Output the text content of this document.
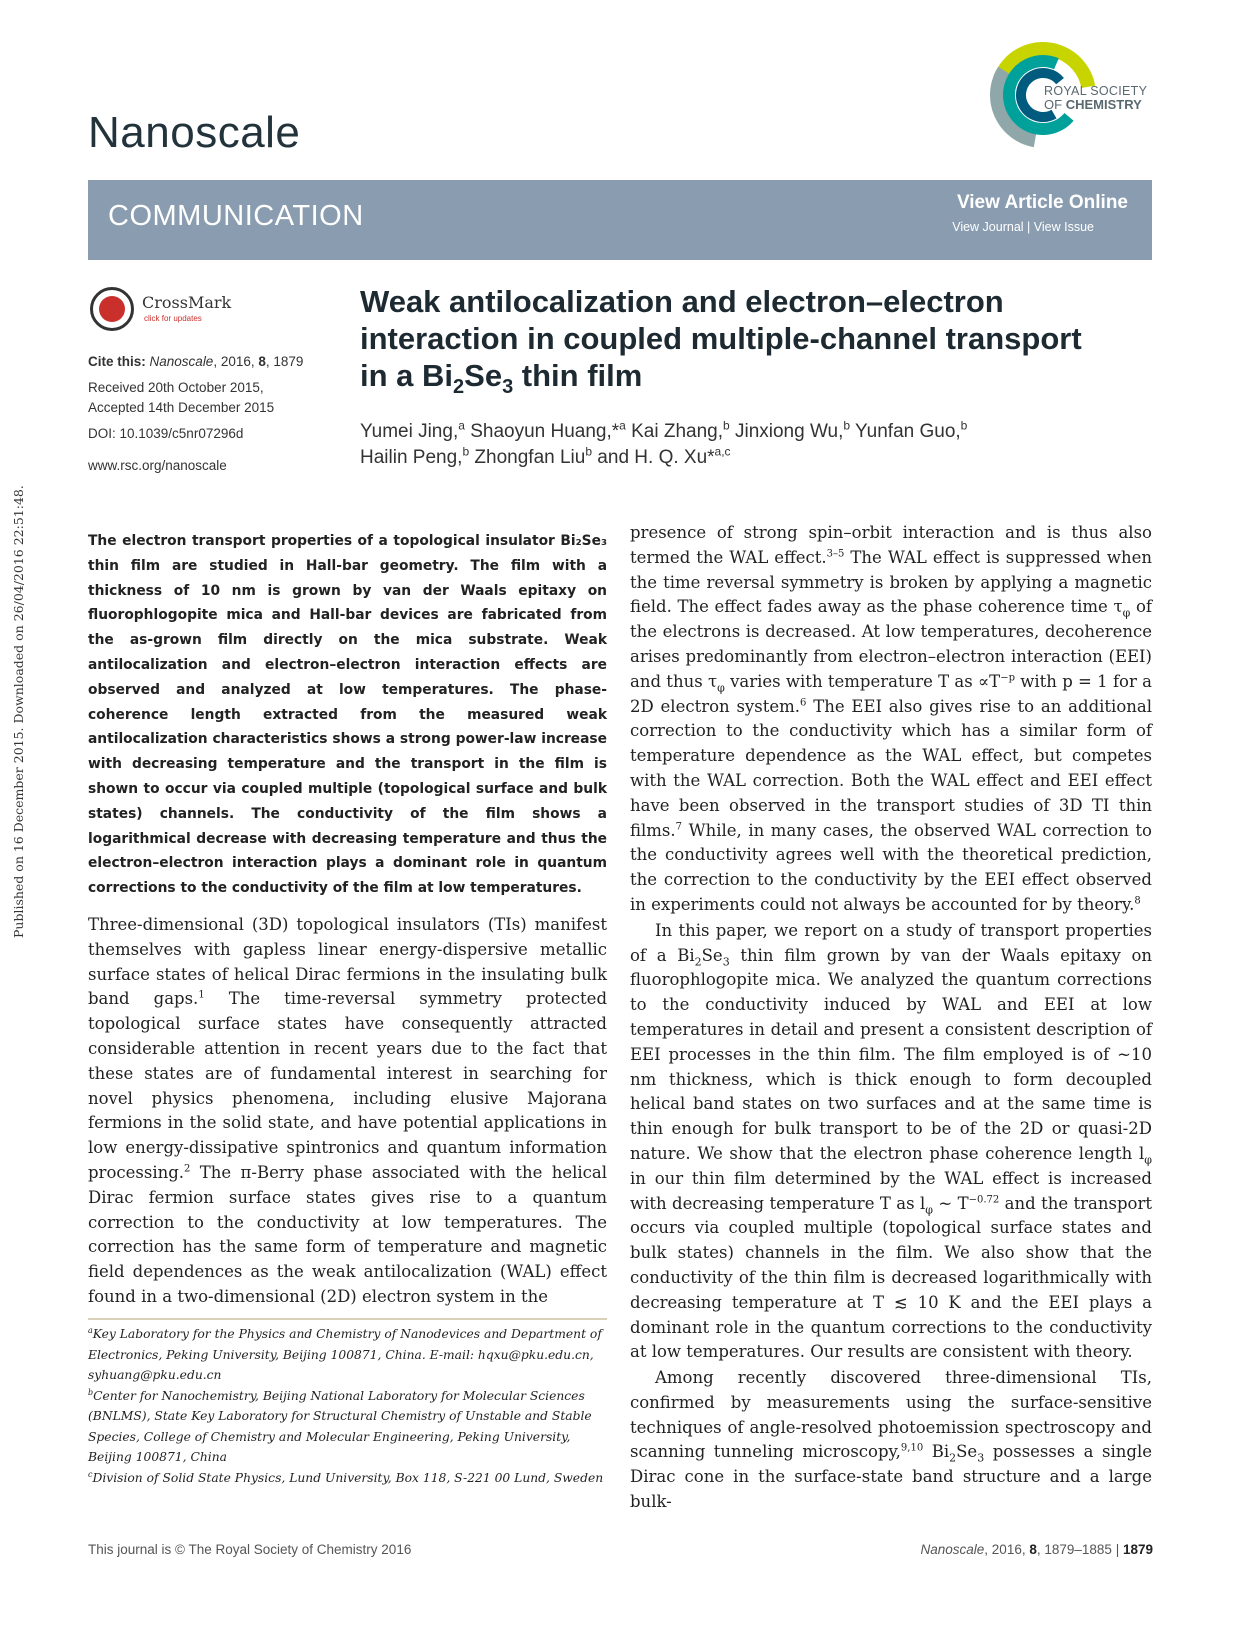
ROYAL SOCIETY
OF CHEMISTRY
Nanoscale
COMMUNICATION	View Article Online
View Journal | View Issue
Published on 16 December 2015. Downloaded on 26/04/2016 22:51:48.
CrossMark
click for updates
Cite this: Nanoscale, 2016, 8, 1879
Received 20th October 2015,
Accepted 14th December 2015
DOI: 10.1039/c5nr07296d
www.rsc.org/nanoscale
Weak antilocalization and electron–electron
interaction in coupled multiple-channel transport
in a $Bi_2Se_3$ thin film
Yumei Jing,$^a$ Shaoyun Huang,*$^a$ Kai Zhang,$^b$ Jinxiong Wu,$^b$ Yunfan Guo,$^b$
Hailin Peng,$^b$ Zhongfan Liu$^b$ and H. Q. Xu*$^{a,c}$
The electron transport properties of a topological insulator Bi₂Se₃ thin film are studied in Hall-bar geometry. The film with a thickness of 10 nm is grown by van der Waals epitaxy on fluorophlogopite mica and Hall-bar devices are fabricated from the as-grown film directly on the mica substrate. Weak antilocalization and electron–electron interaction effects are observed and analyzed at low temperatures. The phase-coherence length extracted from the measured weak antilocalization characteristics shows a strong power-law increase with decreasing temperature and the transport in the film is shown to occur via coupled multiple (topological surface and bulk states) channels. The conductivity of the film shows a logarithmical decrease with decreasing temperature and thus the electron–electron interaction plays a dominant role in quantum corrections to the conductivity of the film at low temperatures.
Three-dimensional (3D) topological insulators (TIs) manifest themselves with gapless linear energy-dispersive metallic surface states of helical Dirac fermions in the insulating bulk band gaps.$^1$ The time-reversal symmetry protected topological surface states have consequently attracted considerable attention in recent years due to the fact that these states are of fundamental interest in searching for novel physics phenomena, including elusive Majorana fermions in the solid state, and have potential applications in low energy-dissipative spintronics and quantum information processing.$^2$ The π-Berry phase associated with the helical Dirac fermion surface states gives rise to a quantum correction to the conductivity at low temperatures. The correction has the same form of temperature and magnetic field dependences as the weak antilocalization (WAL) effect found in a two-dimensional (2D) electron system in the

presence of strong spin–orbit interaction and is thus also termed the WAL effect.$^{3-5}$ The WAL effect is suppressed when the time reversal symmetry is broken by applying a magnetic field. The effect fades away as the phase coherence time $\tau_\varphi$ of the electrons is decreased. At low temperatures, decoherence arises predominantly from electron–electron interaction (EEI) and thus $\tau_\varphi$ varies with temperature T as $\propto T^{-p}$ with p = 1 for a 2D electron system.$^6$ The EEI also gives rise to an additional correction to the conductivity which has a similar form of temperature dependence as the WAL effect, but competes with the WAL correction. Both the WAL effect and EEI effect have been observed in the transport studies of 3D TI thin films.$^7$ While, in many cases, the observed WAL correction to the conductivity agrees well with the theoretical prediction, the correction to the conductivity by the EEI effect observed in experiments could not always be accounted for by theory.$^8$

In this paper, we report on a study of transport properties of a $Bi_2Se_3$ thin film grown by van der Waals epitaxy on fluorophlogopite mica. We analyzed the quantum corrections to the conductivity induced by WAL and EEI at low temperatures in detail and present a consistent description of EEI processes in the thin film. The film employed is of ~10 nm thickness, which is thick enough to form decoupled helical band states on two surfaces and at the same time is thin enough for bulk transport to be of the 2D or quasi-2D nature. We show that the electron phase coherence length $l_\varphi$ in our thin film determined by the WAL effect is increased with decreasing temperature T as $l_\varphi$ ~ $T^{-0.72}$ and the transport occurs via coupled multiple (topological surface states and bulk states) channels in the film. We also show that the conductivity of the thin film is decreased logarithmically with decreasing temperature at T ≲ 10 K and the EEI plays a dominant role in the quantum corrections to the conductivity at low temperatures. Our results are consistent with theory.

Among recently discovered three-dimensional TIs, confirmed by measurements using the surface-sensitive techniques of angle-resolved photoemission spectroscopy and scanning tunneling microscopy,$^{9,10}$ $Bi_2Se_3$ possesses a single Dirac cone in the surface-state band structure and a large bulk-

$^a$Key Laboratory for the Physics and Chemistry of Nanodevices and Department of Electronics, Peking University, Beijing 100871, China. E-mail: hqxu@pku.edu.cn, syhuang@pku.edu.cn

$^b$Center for Nanochemistry, Beijing National Laboratory for Molecular Sciences (BNLMS), State Key Laboratory for Structural Chemistry of Unstable and Stable Species, College of Chemistry and Molecular Engineering, Peking University, Beijing 100871, China

$^c$Division of Solid State Physics, Lund University, Box 118, S-221 00 Lund, Sweden

This journal is © The Royal Society of Chemistry 2016	Nanoscale, 2016, 8, 1879–1885 | 1879
